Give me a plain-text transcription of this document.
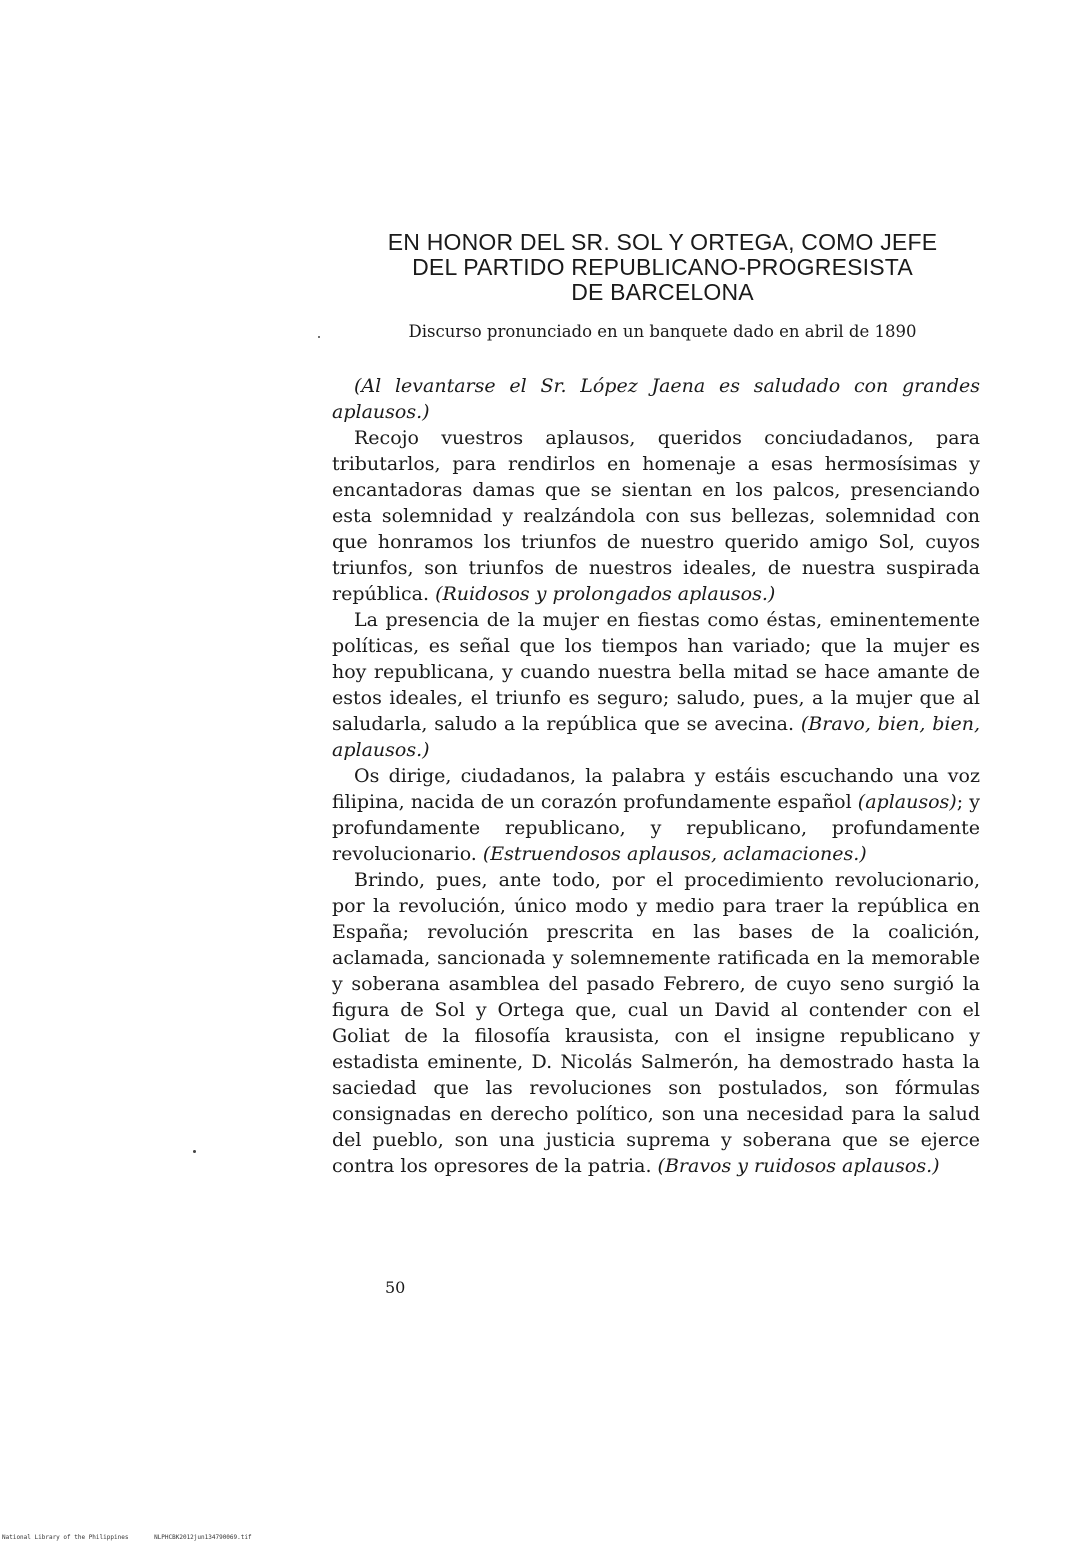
EN HONOR DEL SR. SOL Y ORTEGA, COMO JEFE
DEL PARTIDO REPUBLICANO-PROGRESISTA
DE BARCELONA
Discurso pronunciado en un banquete dado en abril de 1890

(Al levantarse el Sr. López Jaena es saludado con grandes aplausos.)

Recojo vuestros aplausos, queridos conciudadanos, para tributarlos, para rendirlos en homenaje a esas hermosísimas y encantadoras damas que se sientan en los palcos, presenciando esta solemnidad y realzándola con sus bellezas, solemnidad con que honramos los triunfos de nuestro querido amigo Sol, cuyos triunfos, son triunfos de nuestros ideales, de nuestra suspirada república. (Ruidosos y prolongados aplausos.)

La presencia de la mujer en fiestas como éstas, eminentemente políticas, es señal que los tiempos han variado; que la mujer es hoy republicana, y cuando nuestra bella mitad se hace amante de estos ideales, el triunfo es seguro; saludo, pues, a la mujer que al saludarla, saludo a la república que se avecina. (Bravo, bien, bien, aplausos.)

Os dirige, ciudadanos, la palabra y estáis escuchando una voz filipina, nacida de un corazón profundamente español (aplausos); y profundamente republicano, y republicano, profundamente revolucionario. (Estruendosos aplausos, aclamaciones.)

Brindo, pues, ante todo, por el procedimiento revolucionario, por la revolución, único modo y medio para traer la república en España; revolución prescrita en las bases de la coalición, aclamada, sancionada y solemnemente ratificada en la memorable y soberana asamblea del pasado Febrero, de cuyo seno surgió la figura de Sol y Ortega que, cual un David al contender con el Goliat de la filosofía krausista, con el insigne republicano y estadista eminente, D. Nicolás Salmerón, ha demostrado hasta la saciedad que las revoluciones son postulados, son fórmulas consignadas en derecho político, son una necesidad para la salud del pueblo, son una justicia suprema y soberana que se ejerce contra los opresores de la patria. (Bravos y ruidosos aplausos.)

50
National Library of the Philippines	NLPHCBK2012jun134790069.tif
